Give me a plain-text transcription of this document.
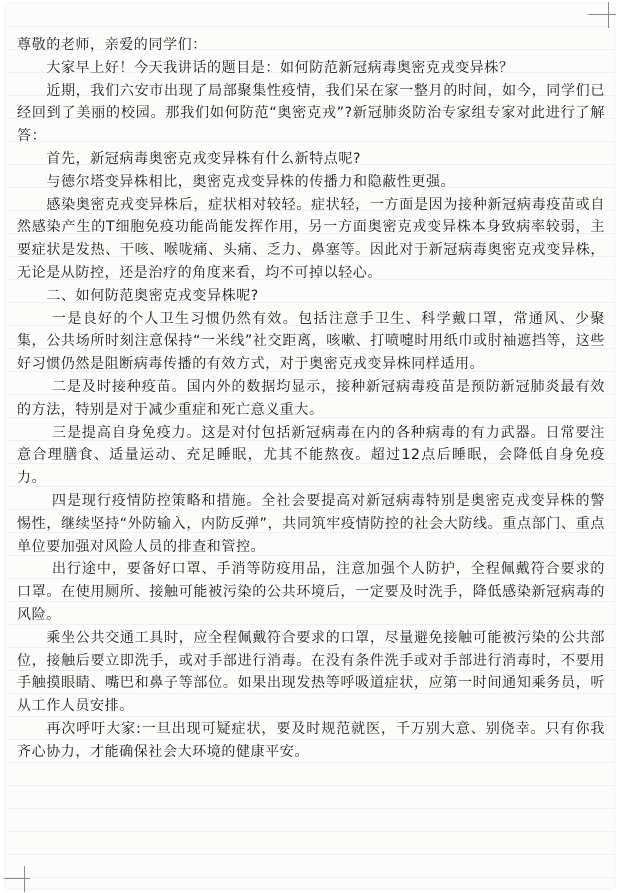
尊敬的老师，亲爱的同学们：

大家早上好！今天我讲话的题目是：如何防范新冠病毒奥密克戎变异株？

近期，我们六安市出现了局部聚集性疫情，我们呆在家一整月的时间，如今，同学们已经回到了美丽的校园。那我们如何防范“奥密克戎”?新冠肺炎防治专家组专家对此进行了解答：

首先，新冠病毒奥密克戎变异株有什么新特点呢?

与德尔塔变异株相比，奥密克戎变异株的传播力和隐蔽性更强。

感染奥密克戎变异株后，症状相对较轻。症状轻，一方面是因为接种新冠病毒疫苗或自然感染产生的T细胞免疫功能尚能发挥作用，另一方面奥密克戎变异株本身致病率较弱，主要症状是发热、干咳、喉咙痛、头痛、乏力、鼻塞等。因此对于新冠病毒奥密克戎变异株，无论是从防控，还是治疗的角度来看，均不可掉以轻心。

二、如何防范奥密克戎变异株呢?

一是良好的个人卫生习惯仍然有效。包括注意手卫生、科学戴口罩，常通风、少聚集，公共场所时刻注意保持“一米线”社交距离，咳嗽、打喷嚏时用纸巾或肘袖遮挡等，这些好习惯仍然是阻断病毒传播的有效方式，对于奥密克戎变异株同样适用。

二是及时接种疫苗。国内外的数据均显示，接种新冠病毒疫苗是预防新冠肺炎最有效的方法，特别是对于减少重症和死亡意义重大。

三是提高自身免疫力。这是对付包括新冠病毒在内的各种病毒的有力武器。日常要注意合理膳食、适量运动、充足睡眠，尤其不能熬夜。超过12点后睡眠，会降低自身免疫力。

四是现行疫情防控策略和措施。全社会要提高对新冠病毒特别是奥密克戎变异株的警惕性，继续坚持“外防输入，内防反弹”，共同筑牢疫情防控的社会大防线。重点部门、重点单位要加强对风险人员的排查和管控。

出行途中，要备好口罩、手消等防疫用品，注意加强个人防护，全程佩戴符合要求的口罩。在使用厕所、接触可能被污染的公共环境后，一定要及时洗手，降低感染新冠病毒的风险。

乘坐公共交通工具时，应全程佩戴符合要求的口罩，尽量避免接触可能被污染的公共部位，接触后要立即洗手，或对手部进行消毒。在没有条件洗手或对手部进行消毒时，不要用手触摸眼睛、嘴巴和鼻子等部位。如果出现发热等呼吸道症状，应第一时间通知乘务员，听从工作人员安排。

再次呼吁大家:一旦出现可疑症状，要及时规范就医，千万别大意、别侥幸。只有你我齐心协力，才能确保社会大环境的健康平安。
